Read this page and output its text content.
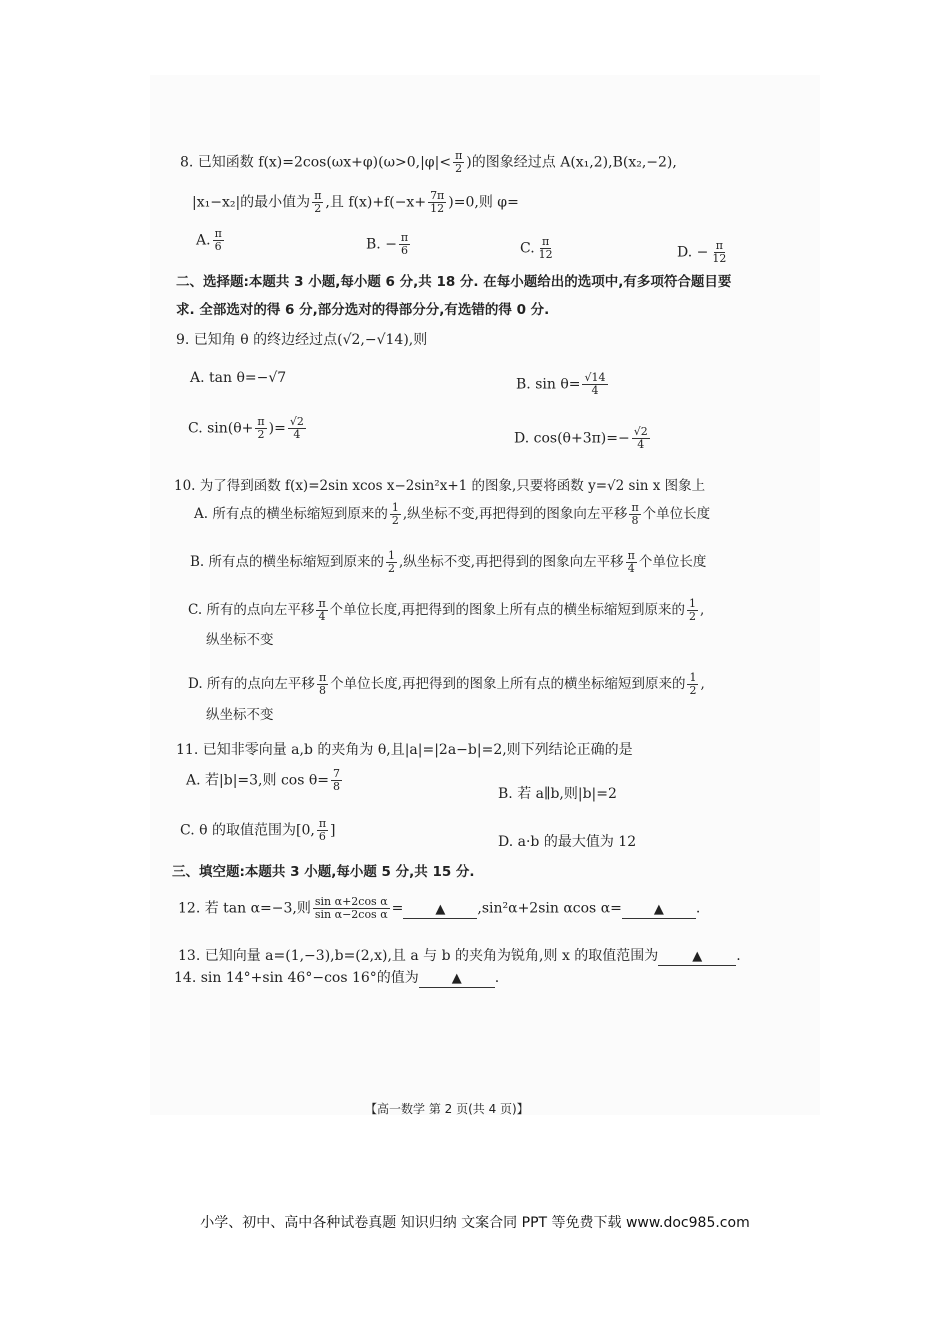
8. 已知函数 $f(x)=2\cos(\omega x+\varphi)(\omega>0,|\varphi|< \frac{\pi}{2}$ )的图象经过点 A(x₁,2),B(x₂,−2),
|x₁−x₂|的最小值为 $\frac{\pi}{2}$ ,且 $f(x)+f(-x+ \frac{7\pi}{12} )=0$,则 φ=
A. $\frac{\pi}{6}$	B. − $\frac{\pi}{6}$	C. $\frac{\pi}{12}$	D. − $\frac{\pi}{12}$
二、选择题:本题共 3 小题,每小题 6 分,共 18 分. 在每小题给出的选项中,有多项符合题目要
求. 全部选对的得 6 分,部分选对的得部分分,有选错的得 0 分.
9. 已知角 θ 的终边经过点(√2,−√14),则
A. tan θ=−√7	B. $\sin \theta= \frac{√14}{4}$
C. $\sin(\theta+ \frac{\pi}{2}$ )= $\frac{√2}{4}$	D. $\cos(\theta+3\pi)=- \frac{√2}{4}$
10. 为了得到函数 f(x)=2sin xcos x−2sin²x+1 的图象,只要将函数 y=√2 sin x 图象上
A. 所有点的横坐标缩短到原来的 $\frac{1}{2}$ ,纵坐标不变,再把得到的图象向左平移 $\frac{\pi}{8}$ 个单位长度
B. 所有点的横坐标缩短到原来的 $\frac{1}{2}$ ,纵坐标不变,再把得到的图象向左平移 $\frac{\pi}{4}$ 个单位长度
C. 所有的点向左平移 $\frac{\pi}{4}$ 个单位长度,再把得到的图象上所有点的横坐标缩短到原来的 $\frac{1}{2}$ ,
纵坐标不变
D. 所有的点向左平移 $\frac{\pi}{8}$ 个单位长度,再把得到的图象上所有点的横坐标缩短到原来的 $\frac{1}{2}$ ,
纵坐标不变
11. 已知非零向量 a,b 的夹角为 θ,且|a|=|2a−b|=2,则下列结论正确的是
A. 若|b|=3,则 $\cos \theta= \frac{7}{8}$
B. 若 a∥b,则|b|=2
C. θ 的取值范围为[0, $\frac{\pi}{6}$ ]
D. a·b 的最大值为 12
三、填空题:本题共 3 小题,每小题 5 分,共 15 分.
12. 若 tan α=−3,则 $\frac{\text{sin α+2cos α}}{\text{sin α−2cos α}}$ = ▲ ,sin²α+2sin αcos α= ▲ .
13. 已知向量 a=(1,−3),b=(2,x),且 a 与 b 的夹角为锐角,则 x 的取值范围为	▲ .
14. sin 14°+sin 46°−cos 16°的值为	▲ .
【高一数学 第 2 页(共 4 页)】
小学、初中、高中各种试卷真题 知识归纳 文案合同 PPT 等免费下载 www.doc985.com
